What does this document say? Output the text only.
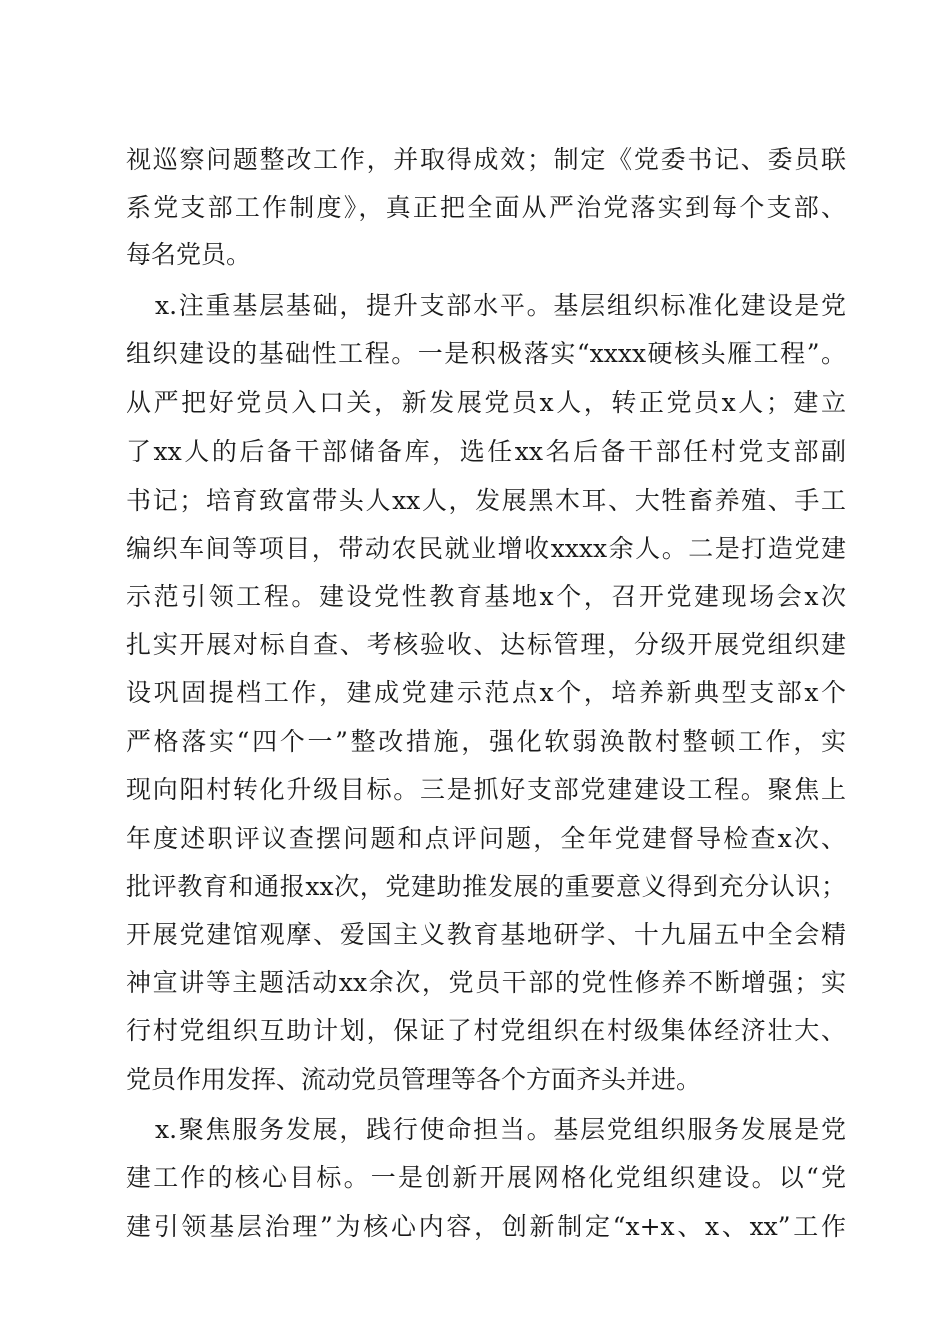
视巡察问题整改工作，并取得成效；制定《党委书记、委员联
系党支部工作制度》，真正把全面从严治党落实到每个支部、
每名党员。
x.注重基层基础，提升支部水平。基层组织标准化建设是党
组织建设的基础性工程。一是积极落实“xxxx硬核头雁工程”。
从严把好党员入口关，新发展党员x人，转正党员x人；建立
了xx人的后备干部储备库，选任xx名后备干部任村党支部副
书记；培育致富带头人xx人，发展黑木耳、大牲畜养殖、手工
编织车间等项目，带动农民就业增收xxxx余人。二是打造党建
示范引领工程。建设党性教育基地x个，召开党建现场会x次
扎实开展对标自查、考核验收、达标管理，分级开展党组织建
设巩固提档工作，建成党建示范点x个，培养新典型支部x个
严格落实“四个一”整改措施，强化软弱涣散村整顿工作，实
现向阳村转化升级目标。三是抓好支部党建建设工程。聚焦上
年度述职评议查摆问题和点评问题，全年党建督导检查x次、
批评教育和通报xx次，党建助推发展的重要意义得到充分认识；
开展党建馆观摩、爱国主义教育基地研学、十九届五中全会精
神宣讲等主题活动xx余次，党员干部的党性修养不断增强；实
行村党组织互助计划，保证了村党组织在村级集体经济壮大、
党员作用发挥、流动党员管理等各个方面齐头并进。
x.聚焦服务发展，践行使命担当。基层党组织服务发展是党
建工作的核心目标。一是创新开展网格化党组织建设。以“党
建引领基层治理”为核心内容，创新制定“x+x、x、xx”工作
